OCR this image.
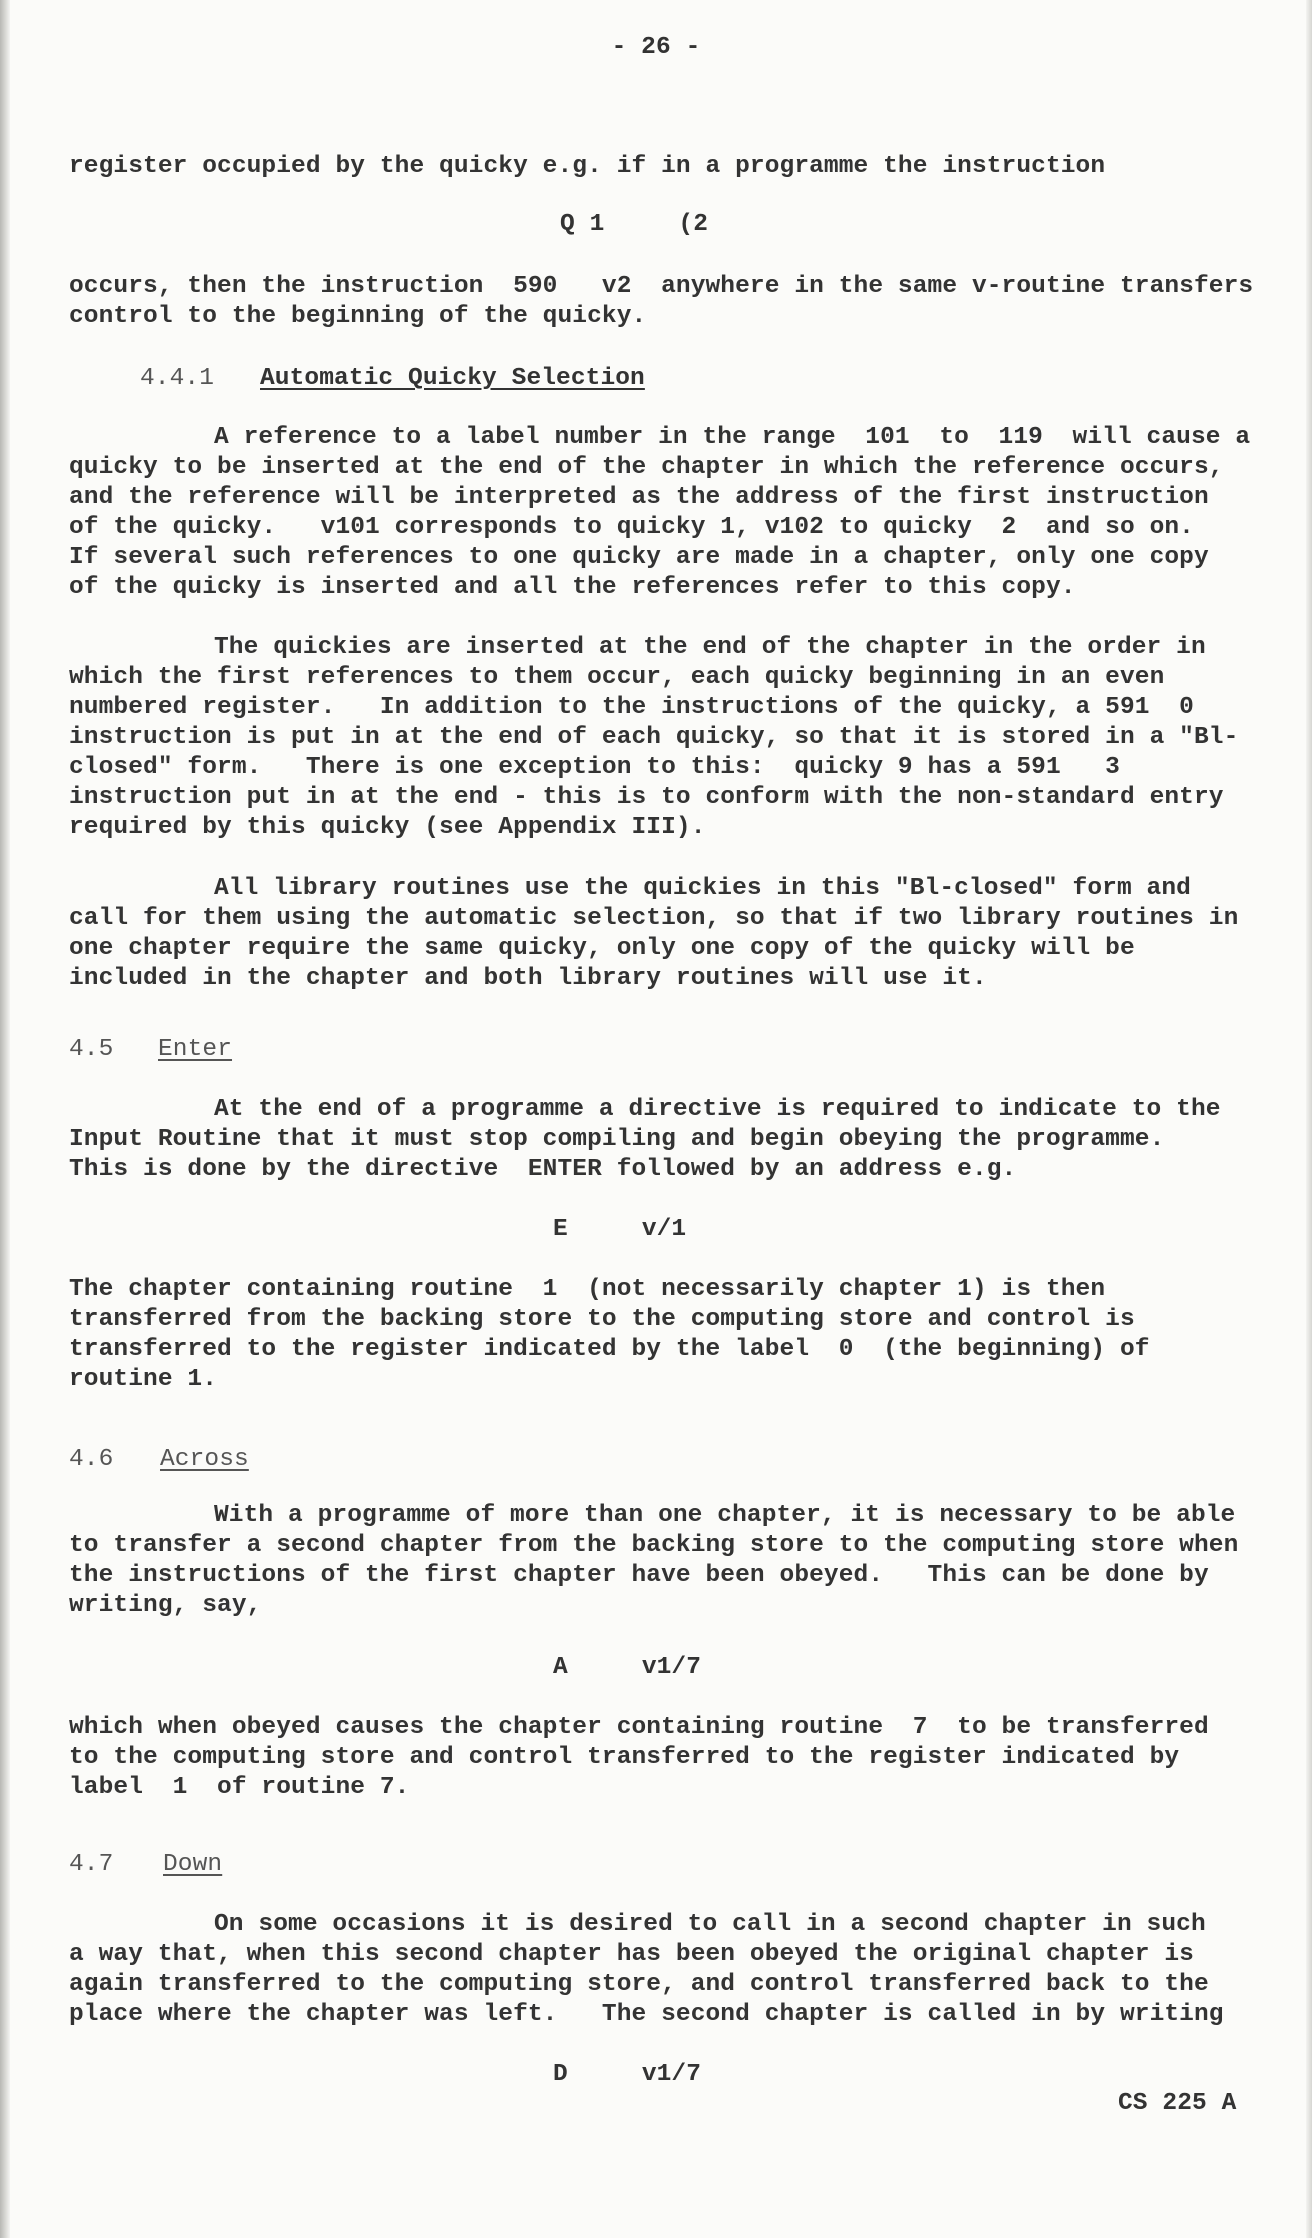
- 26 -
register occupied by the quicky e.g. if in a programme the instruction
Q 1     (2
occurs, then the instruction  590   v2  anywhere in the same v-routine transfers
control to the beginning of the quicky.
4.4.1 Automatic Quicky Selection
A reference to a label number in the range  101  to  119  will cause a
quicky to be inserted at the end of the chapter in which the reference occurs,
and the reference will be interpreted as the address of the first instruction
of the quicky.   v101 corresponds to quicky 1, v102 to quicky  2  and so on.
If several such references to one quicky are made in a chapter, only one copy
of the quicky is inserted and all the references refer to this copy.
The quickies are inserted at the end of the chapter in the order in
which the first references to them occur, each quicky beginning in an even
numbered register.   In addition to the instructions of the quicky, a 591  0
instruction is put in at the end of each quicky, so that it is stored in a "Bl-
closed" form.   There is one exception to this:  quicky 9 has a 591   3
instruction put in at the end - this is to conform with the non-standard entry
required by this quicky (see Appendix III).
All library routines use the quickies in this "Bl-closed" form and
call for them using the automatic selection, so that if two library routines in
one chapter require the same quicky, only one copy of the quicky will be
included in the chapter and both library routines will use it.
4.5 Enter
At the end of a programme a directive is required to indicate to the
Input Routine that it must stop compiling and begin obeying the programme.
This is done by the directive  ENTER followed by an address e.g.
E     v/1
The chapter containing routine  1  (not necessarily chapter 1) is then
transferred from the backing store to the computing store and control is
transferred to the register indicated by the label  0  (the beginning) of
routine 1.
4.6 Across
With a programme of more than one chapter, it is necessary to be able
to transfer a second chapter from the backing store to the computing store when
the instructions of the first chapter have been obeyed.   This can be done by
writing, say,
A     v1/7
which when obeyed causes the chapter containing routine  7  to be transferred
to the computing store and control transferred to the register indicated by
label  1  of routine 7.
4.7 Down
On some occasions it is desired to call in a second chapter in such
a way that, when this second chapter has been obeyed the original chapter is
again transferred to the computing store, and control transferred back to the
place where the chapter was left.   The second chapter is called in by writing
D     v1/7
CS 225 A
